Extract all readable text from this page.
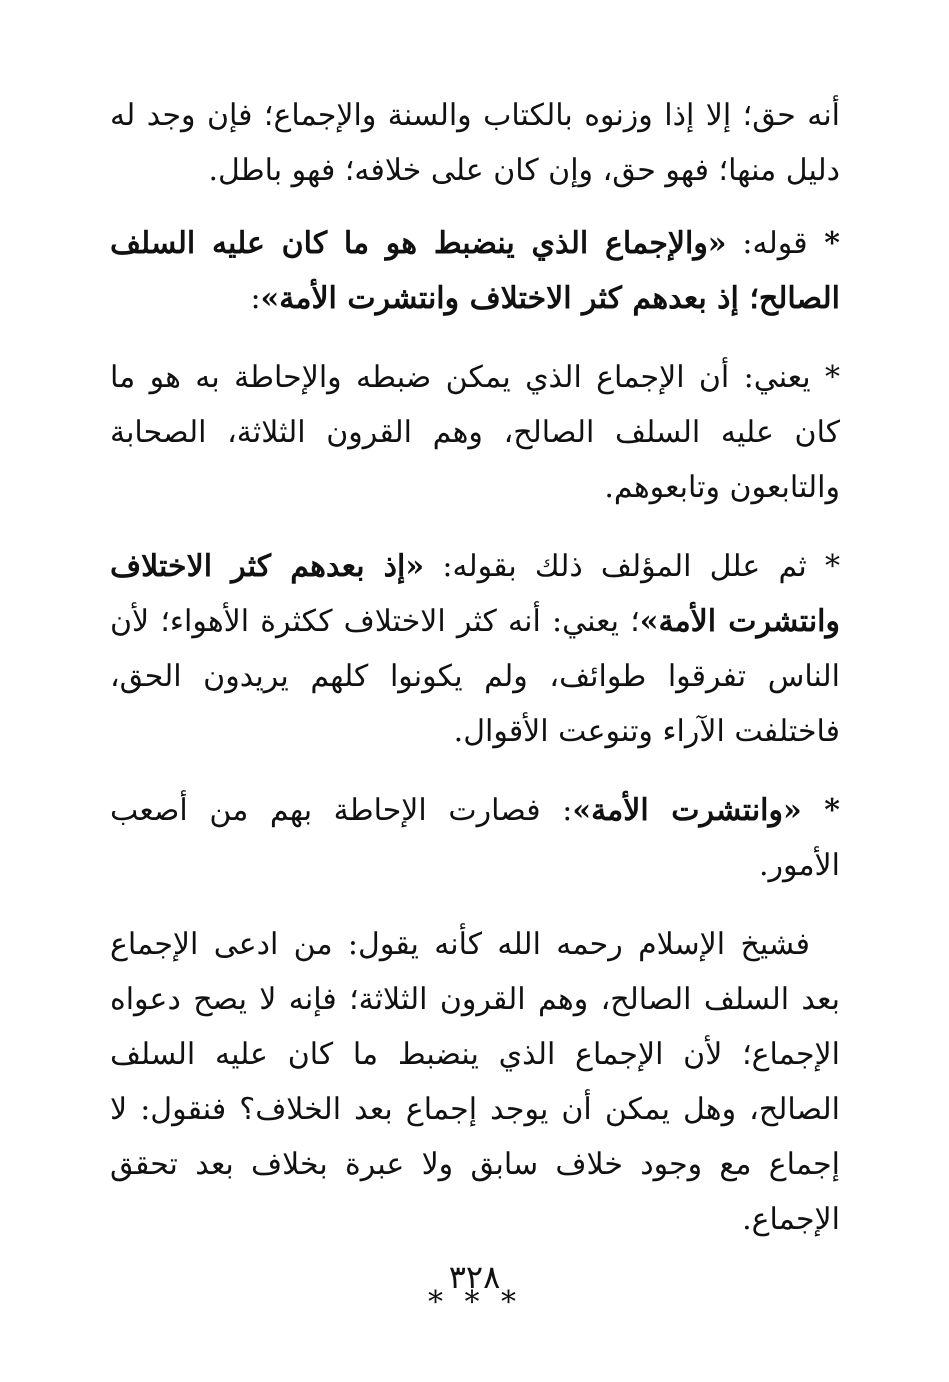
أنه حق؛ إلا إذا وزنوه بالكتاب والسنة والإجماع؛ فإن وجد له دليل منها؛ فهو حق، وإن كان على خلافه؛ فهو باطل.

* قوله: «والإجماع الذي ينضبط هو ما كان عليه السلف الصالح؛ إذ بعدهم كثر الاختلاف وانتشرت الأمة»:

* يعني: أن الإجماع الذي يمكن ضبطه والإحاطة به هو ما كان عليه السلف الصالح، وهم القرون الثلاثة، الصحابة والتابعون وتابعوهم.

* ثم علل المؤلف ذلك بقوله: «إذ بعدهم كثر الاختلاف وانتشرت الأمة»؛ يعني: أنه كثر الاختلاف ككثرة الأهواء؛ لأن الناس تفرقوا طوائف، ولم يكونوا كلهم يريدون الحق، فاختلفت الآراء وتنوعت الأقوال.

* «وانتشرت الأمة»: فصارت الإحاطة بهم من أصعب الأمور.

فشيخ الإسلام رحمه الله كأنه يقول: من ادعى الإجماع بعد السلف الصالح، وهم القرون الثلاثة؛ فإنه لا يصح دعواه الإجماع؛ لأن الإجماع الذي ينضبط ما كان عليه السلف الصالح، وهل يمكن أن يوجد إجماع بعد الخلاف؟ فنقول: لا إجماع مع وجود خلاف سابق ولا عبرة بخلاف بعد تحقق الإجماع.

* * *
٣٢٨
